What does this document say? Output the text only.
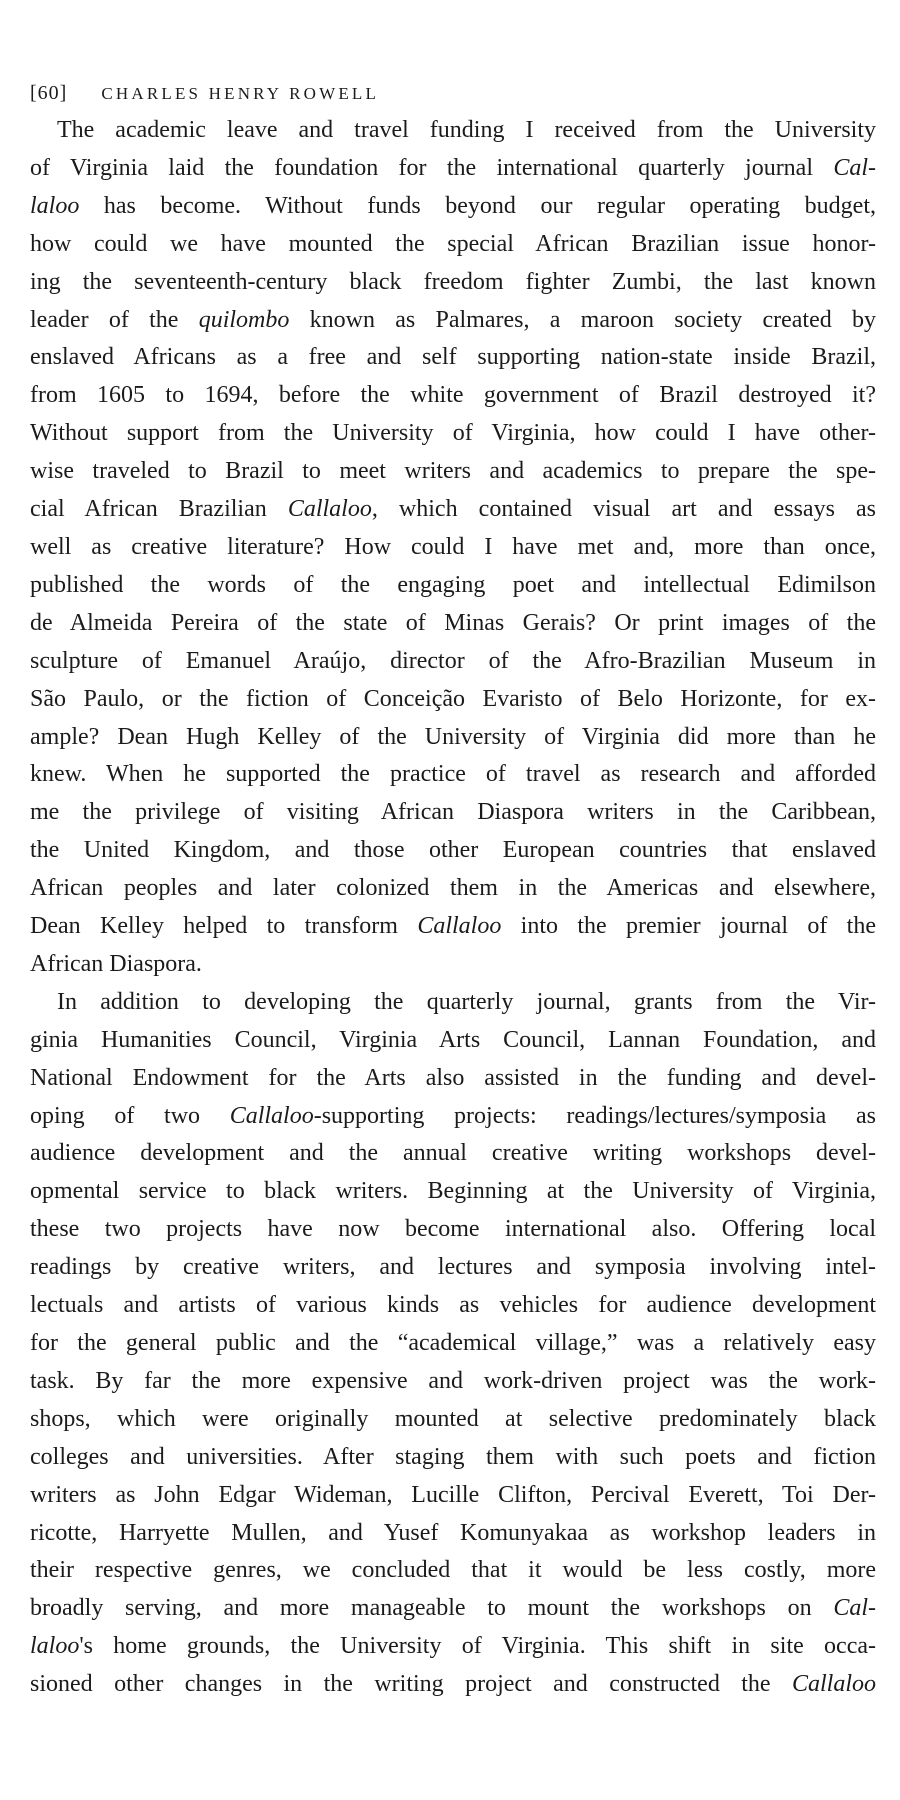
[60] CHARLES HENRY ROWELL
The academic leave and travel funding I received from the University
of Virginia laid the foundation for the international quarterly journal Cal-
laloo has become. Without funds beyond our regular operating budget,
how could we have mounted the special African Brazilian issue honor-
ing the seventeenth-century black freedom fighter Zumbi, the last known
leader of the quilombo known as Palmares, a maroon society created by
enslaved Africans as a free and self supporting nation-state inside Brazil,
from 1605 to 1694, before the white government of Brazil destroyed it?
Without support from the University of Virginia, how could I have other-
wise traveled to Brazil to meet writers and academics to prepare the spe-
cial African Brazilian Callaloo, which contained visual art and essays as
well as creative literature? How could I have met and, more than once,
published the words of the engaging poet and intellectual Edimilson
de Almeida Pereira of the state of Minas Gerais? Or print images of the
sculpture of Emanuel Araújo, director of the Afro-Brazilian Museum in
São Paulo, or the fiction of Conceição Evaristo of Belo Horizonte, for ex-
ample? Dean Hugh Kelley of the University of Virginia did more than he
knew. When he supported the practice of travel as research and afforded
me the privilege of visiting African Diaspora writers in the Caribbean,
the United Kingdom, and those other European countries that enslaved
African peoples and later colonized them in the Americas and elsewhere,
Dean Kelley helped to transform Callaloo into the premier journal of the
African Diaspora.
In addition to developing the quarterly journal, grants from the Vir-
ginia Humanities Council, Virginia Arts Council, Lannan Foundation, and
National Endowment for the Arts also assisted in the funding and devel-
oping of two Callaloo-supporting projects: readings/lectures/symposia as
audience development and the annual creative writing workshops devel-
opmental service to black writers. Beginning at the University of Virginia,
these two projects have now become international also. Offering local
readings by creative writers, and lectures and symposia involving intel-
lectuals and artists of various kinds as vehicles for audience development
for the general public and the “academical village,” was a relatively easy
task. By far the more expensive and work-driven project was the work-
shops, which were originally mounted at selective predominately black
colleges and universities. After staging them with such poets and fiction
writers as John Edgar Wideman, Lucille Clifton, Percival Everett, Toi Der-
ricotte, Harryette Mullen, and Yusef Komunyakaa as workshop leaders in
their respective genres, we concluded that it would be less costly, more
broadly serving, and more manageable to mount the workshops on Cal-
laloo's home grounds, the University of Virginia. This shift in site occa-
sioned other changes in the writing project and constructed the Callaloo
